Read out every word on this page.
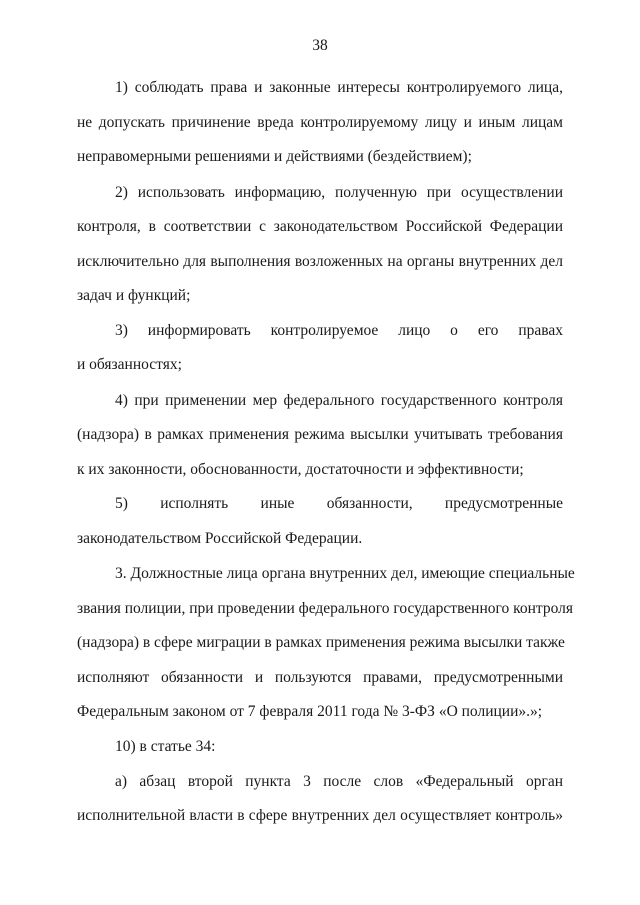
38
1) соблюдать права и законные интересы контролируемого лица,
не допускать причинение вреда контролируемому лицу и иным лицам
неправомерными решениями и действиями (бездействием);
2) использовать информацию, полученную при осуществлении
контроля, в соответствии с законодательством Российской Федерации
исключительно для выполнения возложенных на органы внутренних дел
задач и функций;
3) информировать контролируемое лицо о его правах
и обязанностях;
4) при применении мер федерального государственного контроля
(надзора) в рамках применения режима высылки учитывать требования
к их законности, обоснованности, достаточности и эффективности;
5) исполнять иные обязанности, предусмотренные
законодательством Российской Федерации.
3. Должностные лица органа внутренних дел, имеющие специальные
звания полиции, при проведении федерального государственного контроля
(надзора) в сфере миграции в рамках применения режима высылки также
исполняют обязанности и пользуются правами, предусмотренными
Федеральным законом от 7 февраля 2011 года № 3-ФЗ «О полиции».»;
10) в статье 34:
а) абзац второй пункта 3 после слов «Федеральный орган
исполнительной власти в сфере внутренних дел осуществляет контроль»
